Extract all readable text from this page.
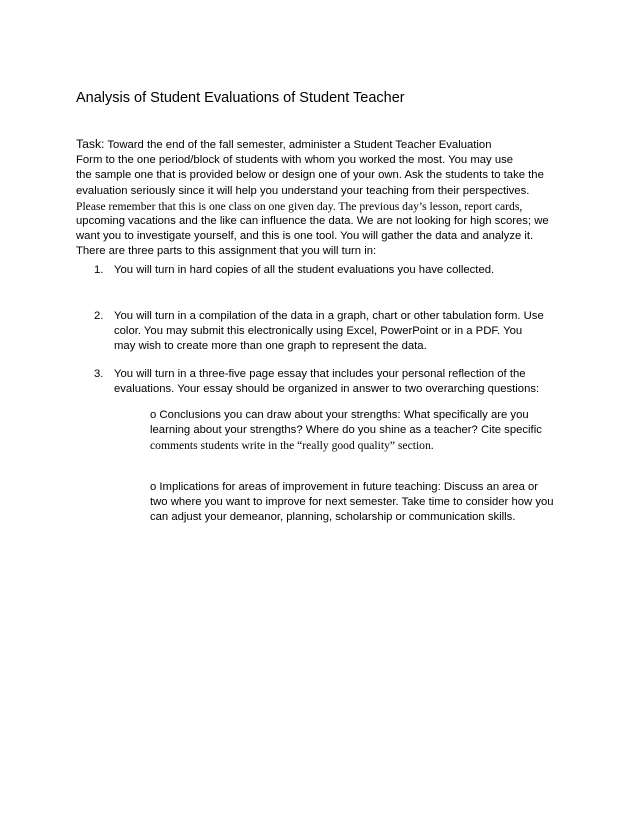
Analysis of Student Evaluations of Student Teacher
Task: Toward the end of the fall semester, administer a Student Teacher Evaluation
Form to the one period/block of students with whom you worked the most. You may use
the sample one that is provided below or design one of your own. Ask the students to take the
evaluation seriously since it will help you understand your teaching from their perspectives.
Please remember that this is one class on one given day. The previous day’s lesson, report cards,
upcoming vacations and the like can influence the data. We are not looking for high scores; we
want you to investigate yourself, and this is one tool. You will gather the data and analyze it.
There are three parts to this assignment that you will turn in:
1. You will turn in hard copies of all the student evaluations you have collected.
2. You will turn in a compilation of the data in a graph, chart or other tabulation form. Use
color. You may submit this electronically using Excel, PowerPoint or in a PDF. You
may wish to create more than one graph to represent the data.
3. You will turn in a three-five page essay that includes your personal reflection of the
evaluations. Your essay should be organized in answer to two overarching questions:
o Conclusions you can draw about your strengths: What specifically are you
learning about your strengths? Where do you shine as a teacher? Cite specific
comments students write in the “really good quality” section.
o Implications for areas of improvement in future teaching: Discuss an area or
two where you want to improve for next semester. Take time to consider how you
can adjust your demeanor, planning, scholarship or communication skills.
